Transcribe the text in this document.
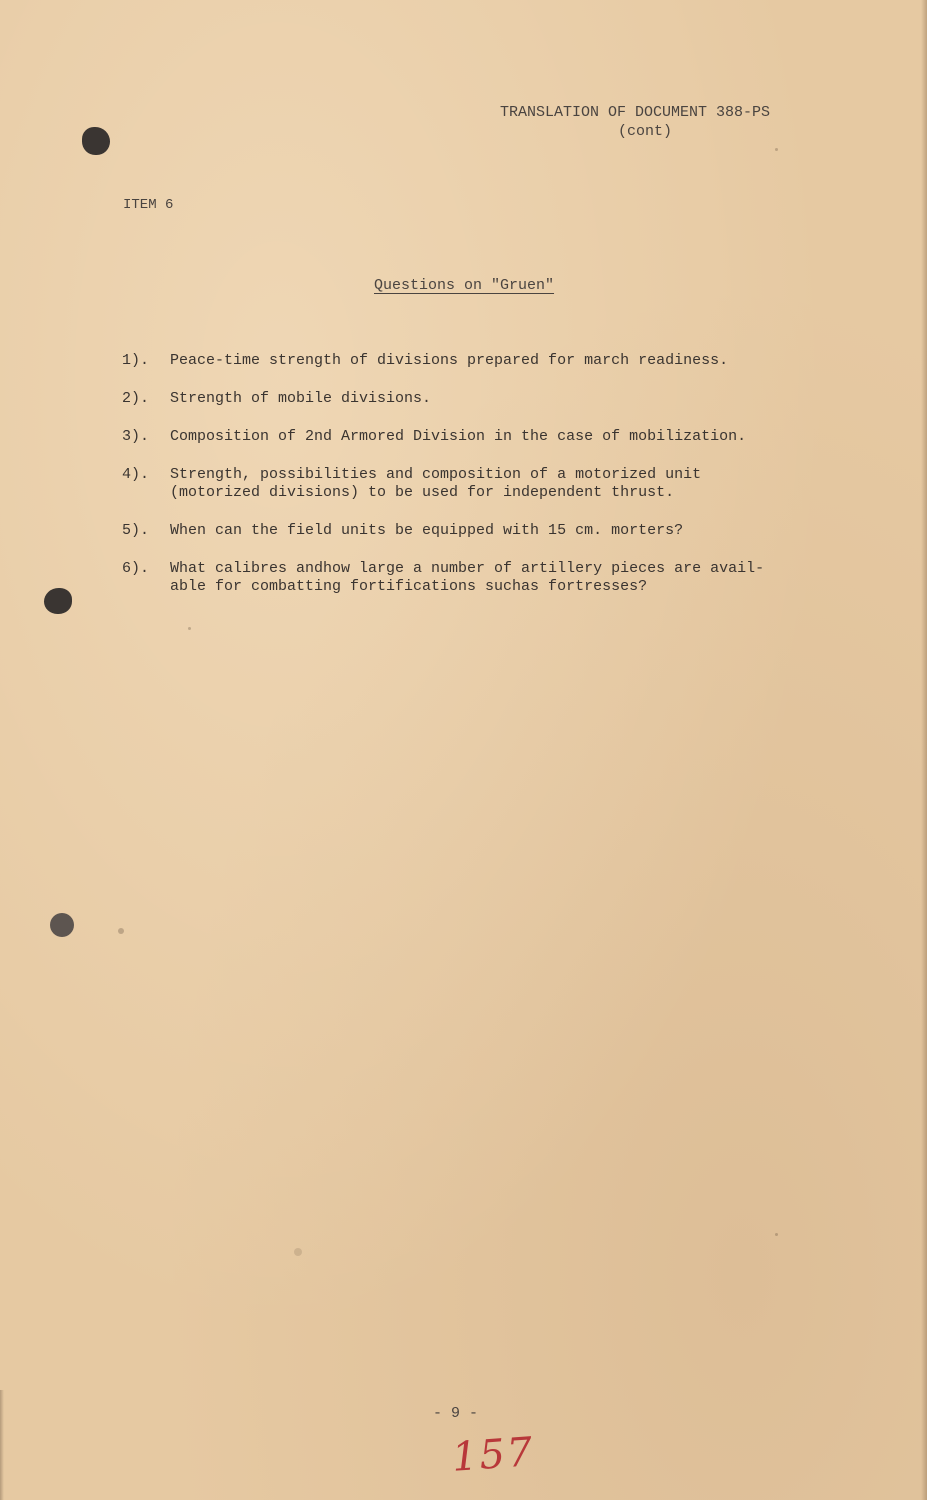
TRANSLATION OF DOCUMENT 388-PS
(cont)
ITEM 6
Questions on "Gruen"
1).	Peace-time strength of divisions prepared for march readiness.
2).	Strength of mobile divisions.
3).	Composition of 2nd Armored Division in the case of mobilization.
4).	Strength, possibilities and composition of a motorized unit
(motorized divisions) to be used for independent thrust.
5).	When can the field units be equipped with 15 cm. morters?
6).	What calibres andhow large a number of artillery pieces are avail-
able for combatting fortifications suchas fortresses?
- 9 -
157
